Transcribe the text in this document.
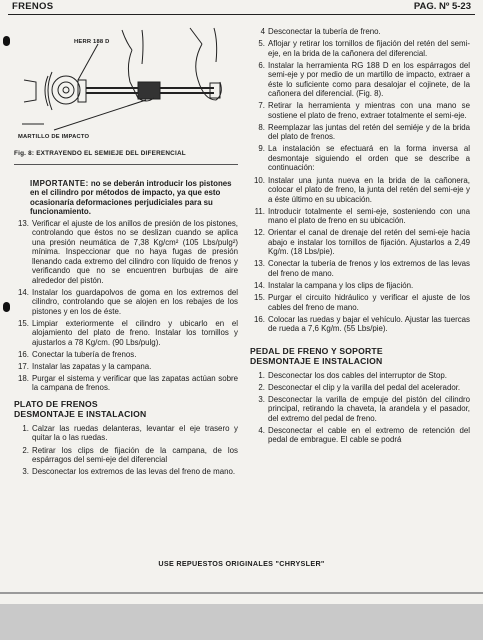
FRENOS	PAG. Nº 5-23
HERR 188 D
MARTILLO DE IMPACTO
Fig. 8: EXTRAYENDO EL SEMIEJE DEL DIFERENCIAL
IMPORTANTE: no se deberán introducir los pistones en el cilindro por métodos de impacto, ya que esto ocasionaría deformaciones perjudiciales para su funcionamiento.
13. Verificar el ajuste de los anillos de presión de los pistones, controlando que éstos no se deslizan cuando se aplica una presión neumática de 7,38 Kg/cm² (105 Lbs/pulg²) mínima. Inspeccionar que no haya fugas de presión llenando cada extremo del cilindro con líquido de frenos y verificando que no se encuentren burbujas de aire alrededor del pistón.
14. Instalar los guardapolvos de goma en los extremos del cilindro, controlando que se alojen en los rebajes de los pistones y en los de éste.
15. Limpiar exteriormente el cilindro y ubicarlo en el alojamiento del plato de freno. Instalar los tornillos y ajustarlos a 78 Kg/cm. (90 Lbs/pulg).
16. Conectar la tubería de frenos.
17. Instalar las zapatas y la campana.
18. Purgar el sistema y verificar que las zapatas actúan sobre la campana de frenos.
PLATO DE FRENOS
DESMONTAJE E INSTALACION
1. Calzar las ruedas delanteras, levantar el eje trasero y quitar la o las ruedas.
2. Retirar los clips de fijación de la campana, de los espárragos del semi-eje del diferencial
3. Desconectar los extremos de las levas del freno de mano.
4 Desconectar la tubería de freno.
5. Aflojar y retirar los tornillos de fijación del retén del semi-eje, en la brida de la cañonera del diferencial.
6. Instalar la herramienta RG 188 D en los espárragos del semi-eje y por medio de un martillo de impacto, extraer a éste lo suficiente como para desalojar el cojinete, de la cañonera del diferencial. (Fig. 8).
7. Retirar la herramienta y mientras con una mano se sostiene el plato de freno, extraer totalmente el semi-eje.
8. Reemplazar las juntas del retén del semiéje y de la brida del plato de frenos.
9. La instalación se efectuará en la forma inversa al desmontaje siguiendo el orden que se describe a continuación:
10. Instalar una junta nueva en la brida de la cañonera, colocar el plato de freno, la junta del retén del semi-eje y a éste último en su ubicación.
11. Introducir totalmente el semi-eje, sosteniendo con una mano el plato de freno en su ubicación.
12. Orientar el canal de drenaje del retén del semi-eje hacia abajo e instalar los tornillos de fijación. Ajustarlos a 2,49 Kg/m. (18 Lbs/pie).
13. Conectar la tubería de frenos y los extremos de las levas del freno de mano.
14. Instalar la campana y los clips de fijación.
15. Purgar el circuito hidráulico y verificar el ajuste de los cables del freno de mano.
16. Colocar las ruedas y bajar el vehículo. Ajustar las tuercas de rueda a 7,6 Kg/m. (55 Lbs/pie).
PEDAL DE FRENO Y SOPORTE
DESMONTAJE E INSTALACION
1. Desconectar los dos cables del interruptor de Stop.
2. Desconectar el clip y la varilla del pedal del acelerador.
3. Desconectar la varilla de empuje del pistón del cilindro principal, retirando la chaveta, la arandela y el pasador, del extremo del pedal de freno.
4. Desconectar el cable en el extremo de retención del pedal de embrague. El cable se podrá
USE REPUESTOS ORIGINALES "CHRYSLER"
